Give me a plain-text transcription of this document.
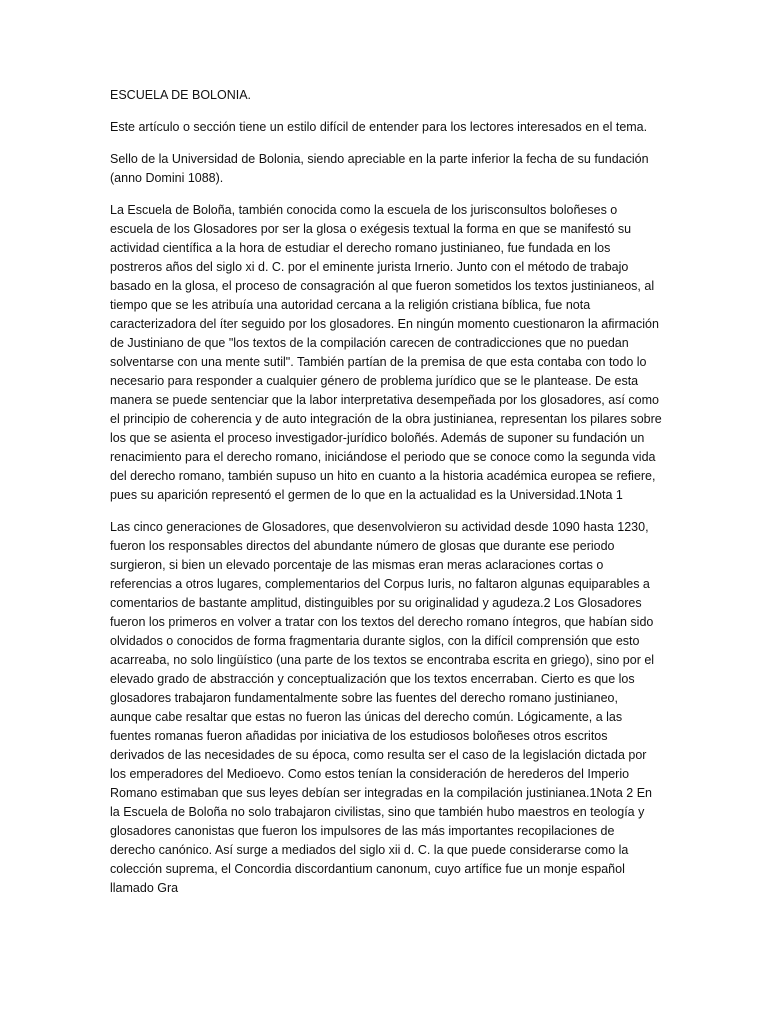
ESCUELA DE BOLONIA.

Este artículo o sección tiene un estilo difícil de entender para los lectores interesados en el tema.

Sello de la Universidad de Bolonia, siendo apreciable en la parte inferior la fecha de su fundación (anno Domini 1088).

La Escuela de Boloña, también conocida como la escuela de los jurisconsultos boloñeses o escuela de los Glosadores por ser la glosa o exégesis textual la forma en que se manifestó su actividad científica a la hora de estudiar el derecho romano justinianeo, fue fundada en los postreros años del siglo xi d. C. por el eminente jurista Irnerio. Junto con el método de trabajo basado en la glosa, el proceso de consagración al que fueron sometidos los textos justinianeos, al tiempo que se les atribuía una autoridad cercana a la religión cristiana bíblica, fue nota caracterizadora del íter seguido por los glosadores. En ningún momento cuestionaron la afirmación de Justiniano de que "los textos de la compilación carecen de contradicciones que no puedan solventarse con una mente sutil". También partían de la premisa de que esta contaba con todo lo necesario para responder a cualquier género de problema jurídico que se le plantease. De esta manera se puede sentenciar que la labor interpretativa desempeñada por los glosadores, así como el principio de coherencia y de auto integración de la obra justinianea, representan los pilares sobre los que se asienta el proceso investigador-jurídico boloñés. Además de suponer su fundación un renacimiento para el derecho romano, iniciándose el periodo que se conoce como la segunda vida del derecho romano, también supuso un hito en cuanto a la historia académica europea se refiere, pues su aparición representó el germen de lo que en la actualidad es la Universidad.1Nota 1

Las cinco generaciones de Glosadores, que desenvolvieron su actividad desde 1090 hasta 1230, fueron los responsables directos del abundante número de glosas que durante ese periodo surgieron, si bien un elevado porcentaje de las mismas eran meras aclaraciones cortas o referencias a otros lugares, complementarios del Corpus Iuris, no faltaron algunas equiparables a comentarios de bastante amplitud, distinguibles por su originalidad y agudeza.2 Los Glosadores fueron los primeros en volver a tratar con los textos del derecho romano íntegros, que habían sido olvidados o conocidos de forma fragmentaria durante siglos, con la difícil comprensión que esto acarreaba, no solo lingüístico (una parte de los textos se encontraba escrita en griego), sino por el elevado grado de abstracción y conceptualización que los textos encerraban. Cierto es que los glosadores trabajaron fundamentalmente sobre las fuentes del derecho romano justinianeo, aunque cabe resaltar que estas no fueron las únicas del derecho común. Lógicamente, a las fuentes romanas fueron añadidas por iniciativa de los estudiosos boloñeses otros escritos derivados de las necesidades de su época, como resulta ser el caso de la legislación dictada por los emperadores del Medioevo. Como estos tenían la consideración de herederos del Imperio Romano estimaban que sus leyes debían ser integradas en la compilación justinianea.1Nota 2 En la Escuela de Boloña no solo trabajaron civilistas, sino que también hubo maestros en teología y glosadores canonistas que fueron los impulsores de las más importantes recopilaciones de derecho canónico. Así surge a mediados del siglo xii d. C. la que puede considerarse como la colección suprema, el Concordia discordantium canonum, cuyo artífice fue un monje español llamado Gra
